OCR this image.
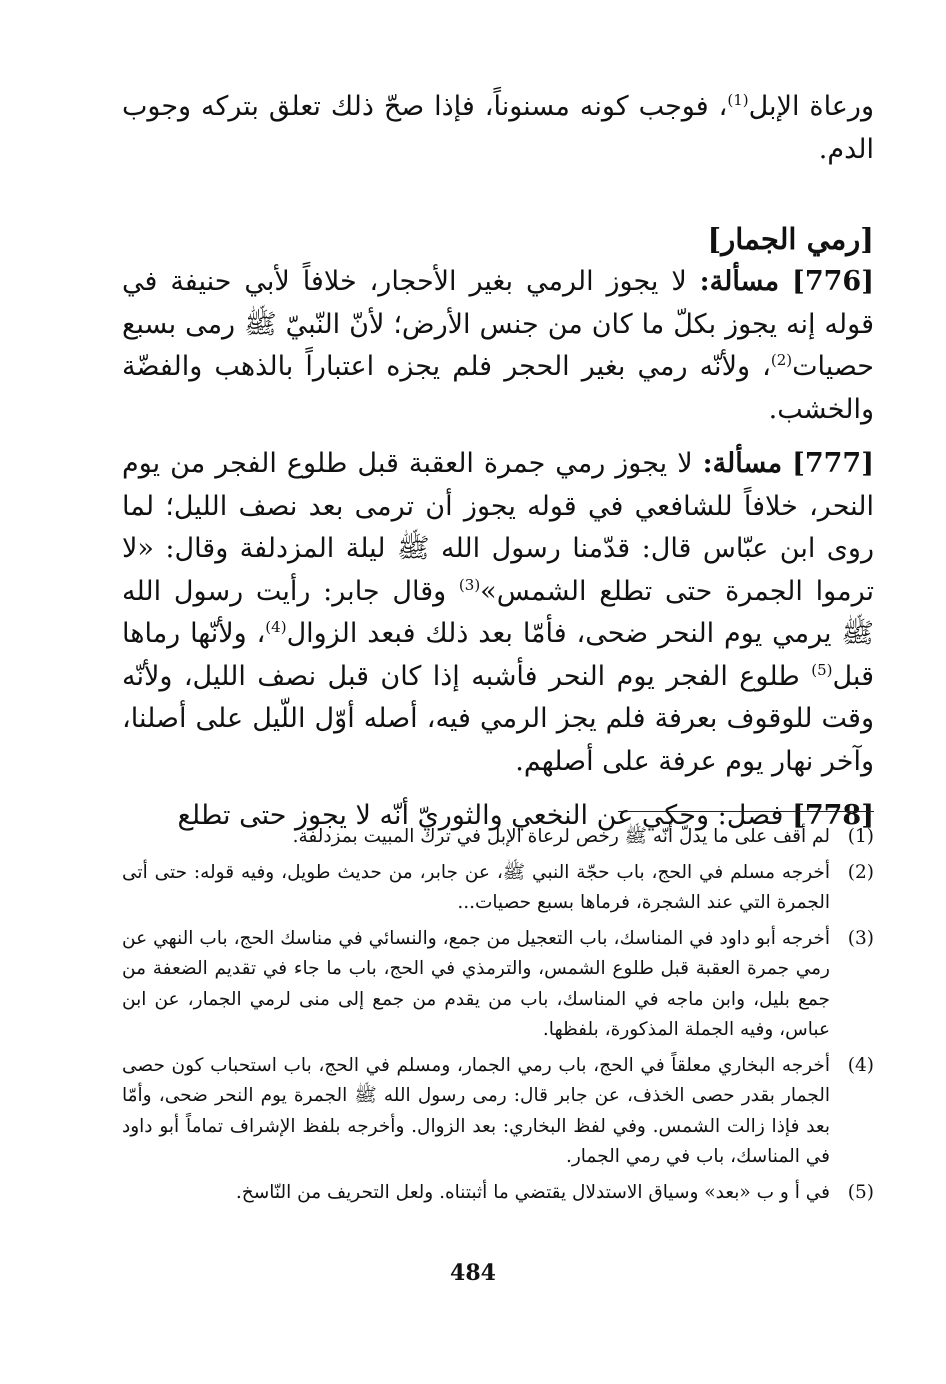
ورعاة الإبل$^{(1)}$، فوجب كونه مسنوناً، فإذا صحّ ذلك تعلق بتركه وجوب الدم.

[رمي الجمار]

[776] مسألة: لا يجوز الرمي بغير الأحجار، خلافاً لأبي حنيفة في قوله إنه يجوز بكلّ ما كان من جنس الأرض؛ لأنّ النّبيّ ﷺ رمى بسبع حصيات$^{(2)}$، ولأنّه رمي بغير الحجر فلم يجزه اعتباراً بالذهب والفضّة والخشب.

[777] مسألة: لا يجوز رمي جمرة العقبة قبل طلوع الفجر من يوم النحر، خلافاً للشافعي في قوله يجوز أن ترمى بعد نصف الليل؛ لما روى ابن عبّاس قال: قدّمنا رسول الله ﷺ ليلة المزدلفة وقال: «لا ترموا الجمرة حتى تطلع الشمس»$^{(3)}$ وقال جابر: رأيت رسول الله ﷺ يرمي يوم النحر ضحى، فأمّا بعد ذلك فبعد الزوال$^{(4)}$، ولأنّها رماها قبل$^{(5)}$ طلوع الفجر يوم النحر فأشبه إذا كان قبل نصف الليل، ولأنّه وقت للوقوف بعرفة فلم يجز الرمي فيه، أصله أوّل اللّيل على أصلنا، وآخر نهار يوم عرفة على أصلهم.

[778] فصل: وحكي عن النخعي والثوريّ أنّه لا يجوز حتى تطلع

(1)
لم أقف على ما يدلّ أنّه ﷺ رخص لرعاة الإبل في ترك المبيت بمزدلفة.
(2)
أخرجه مسلم في الحج، باب حجّة النبي ﷺ، عن جابر، من حديث طويل، وفيه قوله: حتى أتى الجمرة التي عند الشجرة، فرماها بسبع حصيات...
(3)
أخرجه أبو داود في المناسك، باب التعجيل من جمع، والنسائي في مناسك الحج، باب النهي عن رمي جمرة العقبة قبل طلوع الشمس، والترمذي في الحج، باب ما جاء في تقديم الضعفة من جمع بليل، وابن ماجه في المناسك، باب من يقدم من جمع إلى منى لرمي الجمار، عن ابن عباس، وفيه الجملة المذكورة، بلفظها.
(4)
أخرجه البخاري معلقاً في الحج، باب رمي الجمار، ومسلم في الحج، باب استحباب كون حصى الجمار بقدر حصى الخذف، عن جابر قال: رمى رسول الله ﷺ الجمرة يوم النحر ضحى، وأمّا بعد فإذا زالت الشمس. وفي لفظ البخاري: بعد الزوال. وأخرجه بلفظ الإشراف تماماً أبو داود في المناسك، باب في رمي الجمار.
(5)
في أ و ب «بعد» وسياق الاستدلال يقتضي ما أثبتناه. ولعل التحريف من النّاسخ.
484
